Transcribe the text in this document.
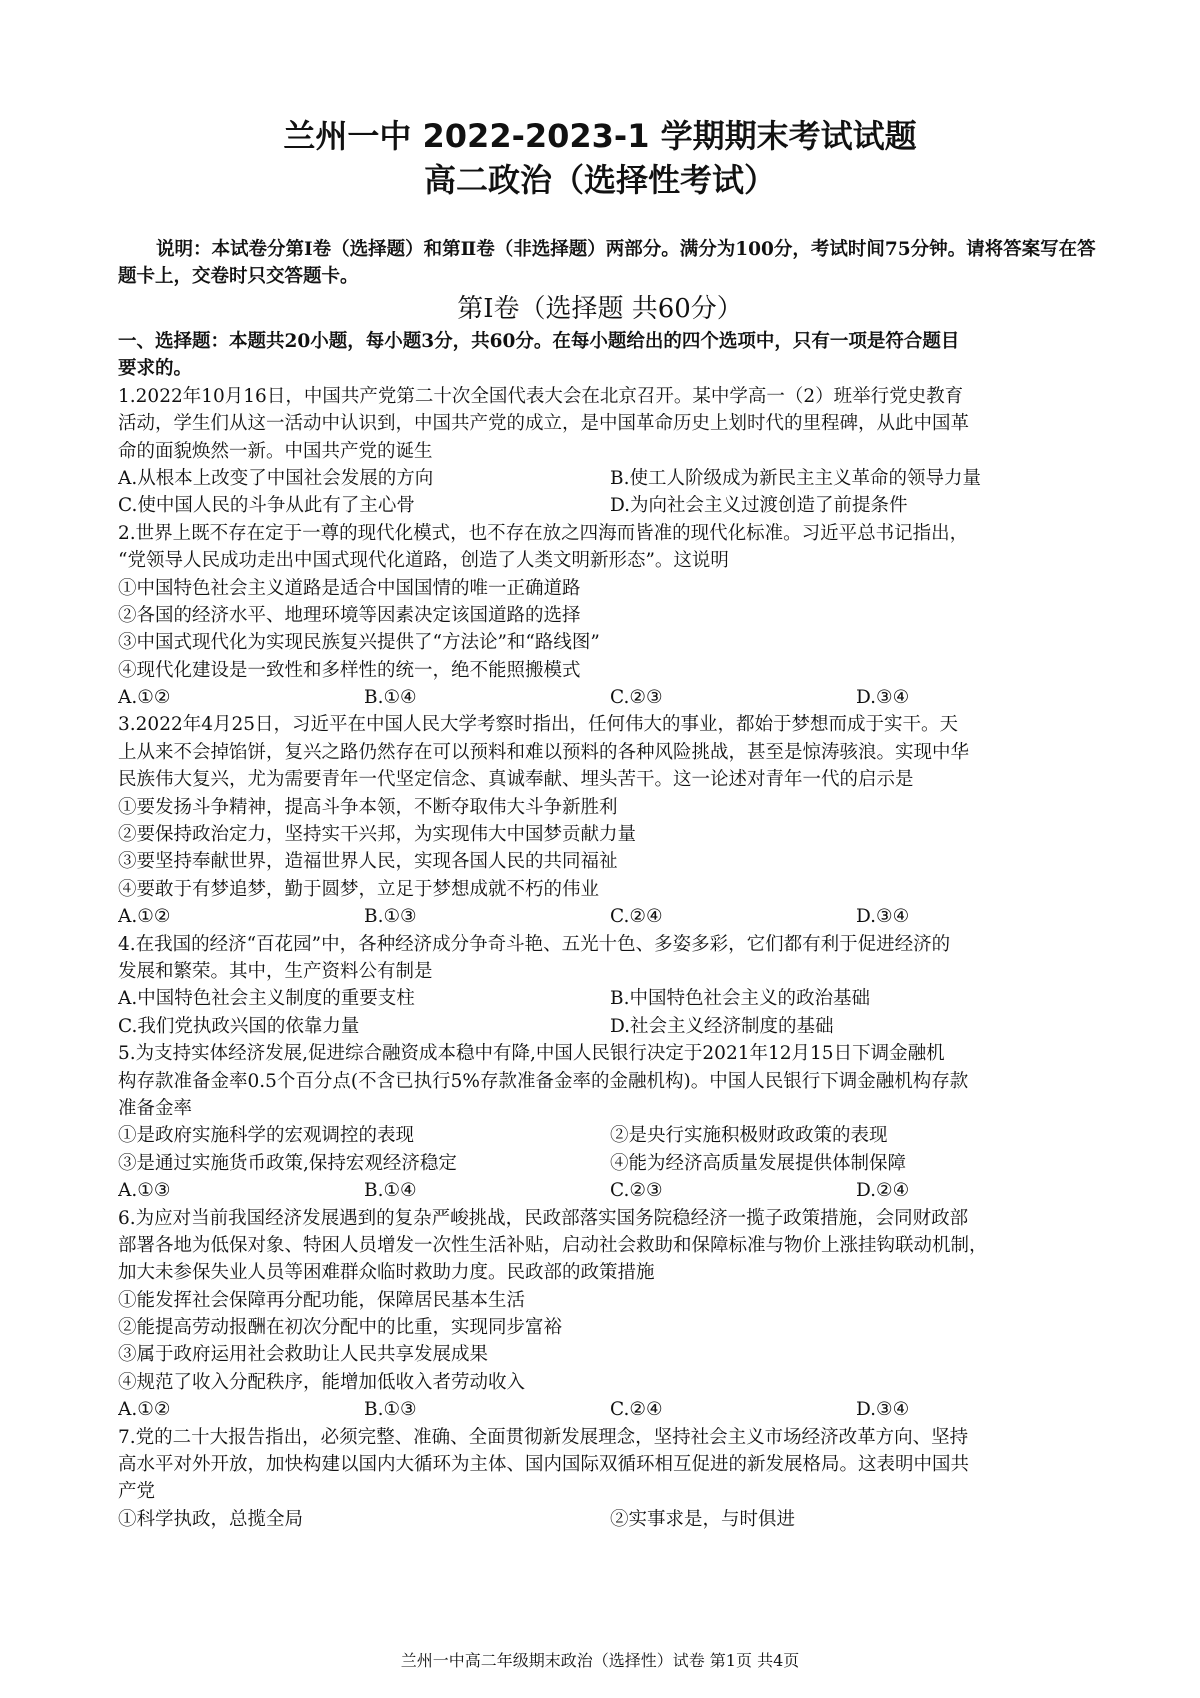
兰州一中 2022-2023-1 学期期末考试试题
高二政治（选择性考试）
说明：本试卷分第Ⅰ卷（选择题）和第Ⅱ卷（非选择题）两部分。满分为100分，考试时间75分钟。请将答案写在答题卡上，交卷时只交答题卡。
第Ⅰ卷（选择题 共60分）
一、选择题：本题共20小题，每小题3分，共60分。在每小题给出的四个选项中，只有一项是符合题目
要求的。
1.2022年10月16日，中国共产党第二十次全国代表大会在北京召开。某中学高一（2）班举行党史教育
活动，学生们从这一活动中认识到，中国共产党的成立，是中国革命历史上划时代的里程碑，从此中国革
命的面貌焕然一新。中国共产党的诞生
A.从根本上改变了中国社会发展的方向	B.使工人阶级成为新民主主义革命的领导力量
C.使中国人民的斗争从此有了主心骨	D.为向社会主义过渡创造了前提条件
2.世界上既不存在定于一尊的现代化模式，也不存在放之四海而皆准的现代化标准。习近平总书记指出，
“党领导人民成功走出中国式现代化道路，创造了人类文明新形态”。这说明
①中国特色社会主义道路是适合中国国情的唯一正确道路
②各国的经济水平、地理环境等因素决定该国道路的选择
③中国式现代化为实现民族复兴提供了“方法论”和“路线图”
④现代化建设是一致性和多样性的统一，绝不能照搬模式
A.①②	B.①④	C.②③	D.③④
3.2022年4月25日，习近平在中国人民大学考察时指出，任何伟大的事业，都始于梦想而成于实干。天
上从来不会掉馅饼，复兴之路仍然存在可以预料和难以预料的各种风险挑战，甚至是惊涛骇浪。实现中华
民族伟大复兴，尤为需要青年一代坚定信念、真诚奉献、埋头苦干。这一论述对青年一代的启示是
①要发扬斗争精神，提高斗争本领，不断夺取伟大斗争新胜利
②要保持政治定力，坚持实干兴邦，为实现伟大中国梦贡献力量
③要坚持奉献世界，造福世界人民，实现各国人民的共同福祉
④要敢于有梦追梦，勤于圆梦，立足于梦想成就不朽的伟业
A.①②	B.①③	C.②④	D.③④
4.在我国的经济“百花园”中，各种经济成分争奇斗艳、五光十色、多姿多彩，它们都有利于促进经济的
发展和繁荣。其中，生产资料公有制是
A.中国特色社会主义制度的重要支柱	B.中国特色社会主义的政治基础
C.我们党执政兴国的依靠力量	D.社会主义经济制度的基础
5.为支持实体经济发展,促进综合融资成本稳中有降,中国人民银行决定于2021年12月15日下调金融机
构存款准备金率0.5个百分点(不含已执行5%存款准备金率的金融机构)。中国人民银行下调金融机构存款
准备金率
①是政府实施科学的宏观调控的表现	②是央行实施积极财政政策的表现
③是通过实施货币政策,保持宏观经济稳定	④能为经济高质量发展提供体制保障
A.①③	B.①④	C.②③	D.②④
6.为应对当前我国经济发展遇到的复杂严峻挑战，民政部落实国务院稳经济一揽子政策措施，会同财政部
部署各地为低保对象、特困人员增发一次性生活补贴，启动社会救助和保障标准与物价上涨挂钩联动机制，
加大未参保失业人员等困难群众临时救助力度。民政部的政策措施
①能发挥社会保障再分配功能，保障居民基本生活
②能提高劳动报酬在初次分配中的比重，实现同步富裕
③属于政府运用社会救助让人民共享发展成果
④规范了收入分配秩序，能增加低收入者劳动收入
A.①②	B.①③	C.②④	D.③④
7.党的二十大报告指出，必须完整、准确、全面贯彻新发展理念，坚持社会主义市场经济改革方向、坚持
高水平对外开放，加快构建以国内大循环为主体、国内国际双循环相互促进的新发展格局。这表明中国共
产党
①科学执政，总揽全局	②实事求是，与时俱进
兰州一中高二年级期末政治（选择性）试卷 第1页 共4页
